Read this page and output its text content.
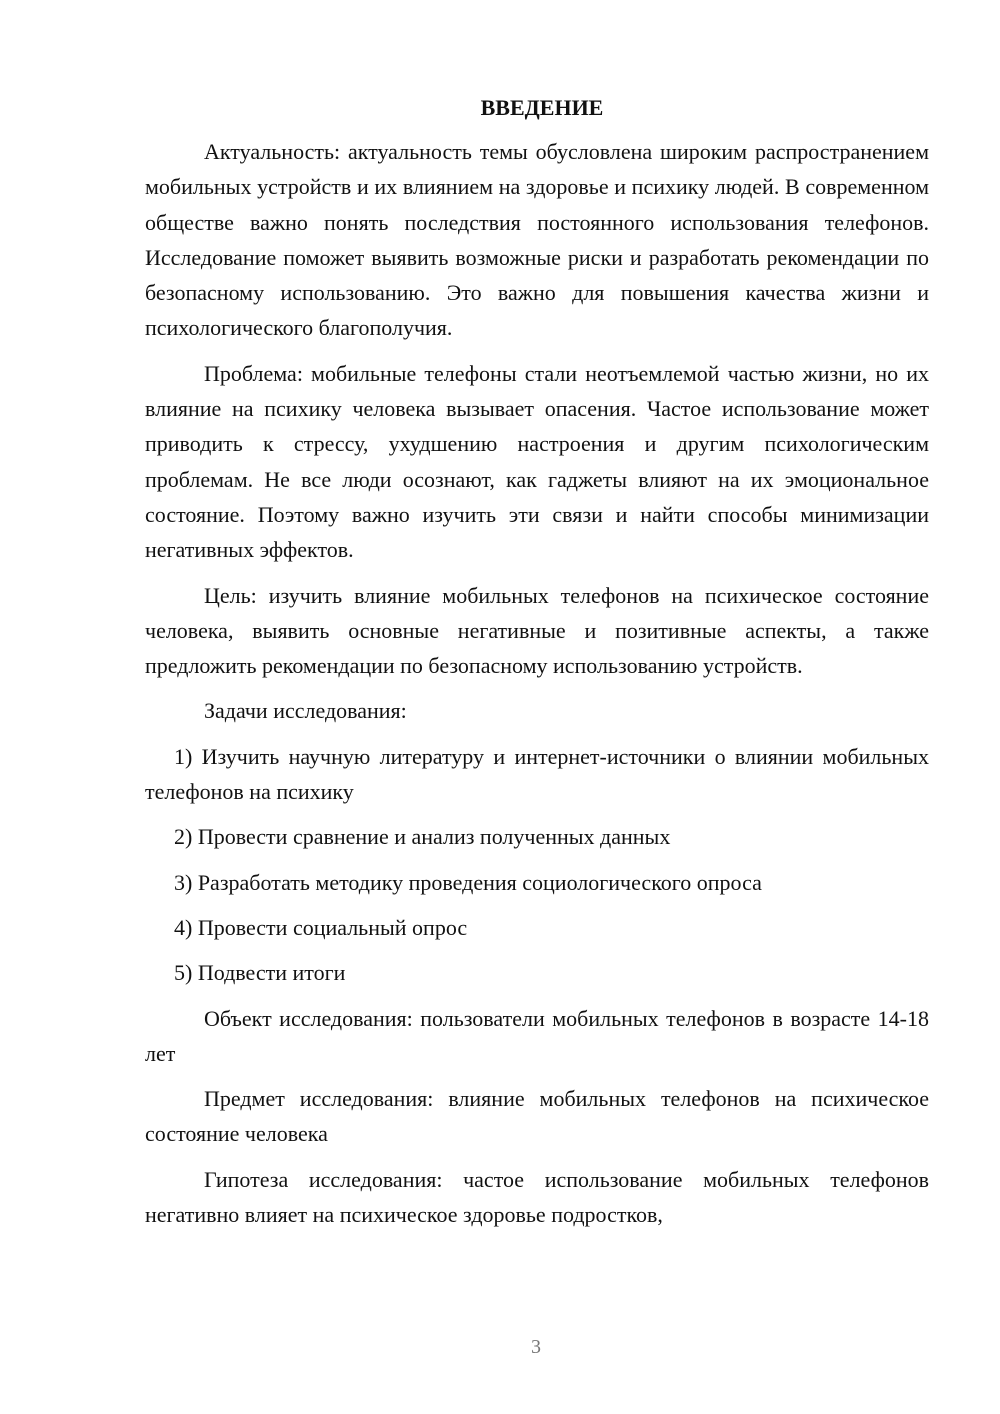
ВВЕДЕНИЕ

Актуальность: актуальность темы обусловлена широким распространением мобильных устройств и их влиянием на здоровье и психику людей. В современном обществе важно понять последствия постоянного использования телефонов. Исследование поможет выявить возможные риски и разработать рекомендации по безопасному использованию. Это важно для повышения качества жизни и психологического благополучия.

Проблема: мобильные телефоны стали неотъемлемой частью жизни, но их влияние на психику человека вызывает опасения. Частое использование может приводить к стрессу, ухудшению настроения и другим психологическим проблемам. Не все люди осознают, как гаджеты влияют на их эмоциональное состояние. Поэтому важно изучить эти связи и найти способы минимизации негативных эффектов.

Цель: изучить влияние мобильных телефонов на психическое состояние человека, выявить основные негативные и позитивные аспекты, а также предложить рекомендации по безопасному использованию устройств.

Задачи исследования:

1) Изучить научную литературу и интернет-источники о влиянии мобильных телефонов на психику

2) Провести сравнение и анализ полученных данных

3) Разработать методику проведения социологического опроса

4) Провести социальный опрос

5) Подвести итоги

Объект исследования: пользователи мобильных телефонов в возрасте 14-18 лет

Предмет исследования: влияние мобильных телефонов на психическое состояние человека

Гипотеза исследования: частое использование мобильных телефонов негативно влияет на психическое здоровье подростков,

3
